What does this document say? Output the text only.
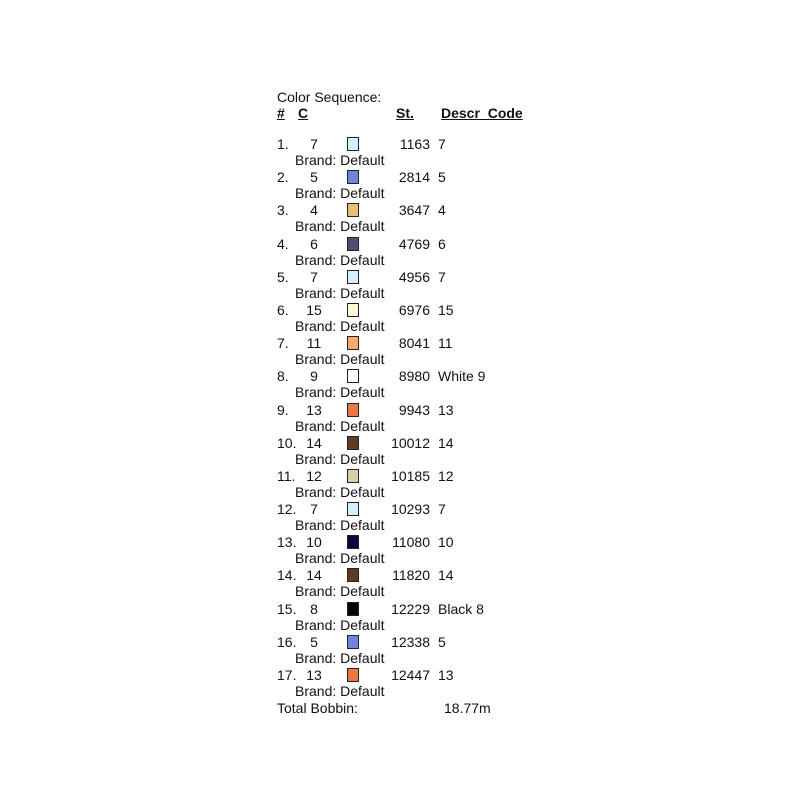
Color Sequence:
# C	St. Descr_Code
1.	7	1163 7
Brand: Default
2.	5	2814 5
Brand: Default
3.	4	3647 4
Brand: Default
4.	6	4769 6
Brand: Default
5.	7	4956 7
Brand: Default
6.	15	6976 15
Brand: Default
7.	11	8041 11
Brand: Default
8.	9	8980 White 9
Brand: Default
9.	13	9943 13
Brand: Default
10. 14	10012 14
Brand: Default
11. 12	10185 12
Brand: Default
12. 7	10293 7
Brand: Default
13. 10	11080 10
Brand: Default
14. 14	11820 14
Brand: Default
15. 8	12229 Black 8
Brand: Default
16. 5	12338 5
Brand: Default
17. 13	12447 13
Brand: Default
Total Bobbin:	18.77m
